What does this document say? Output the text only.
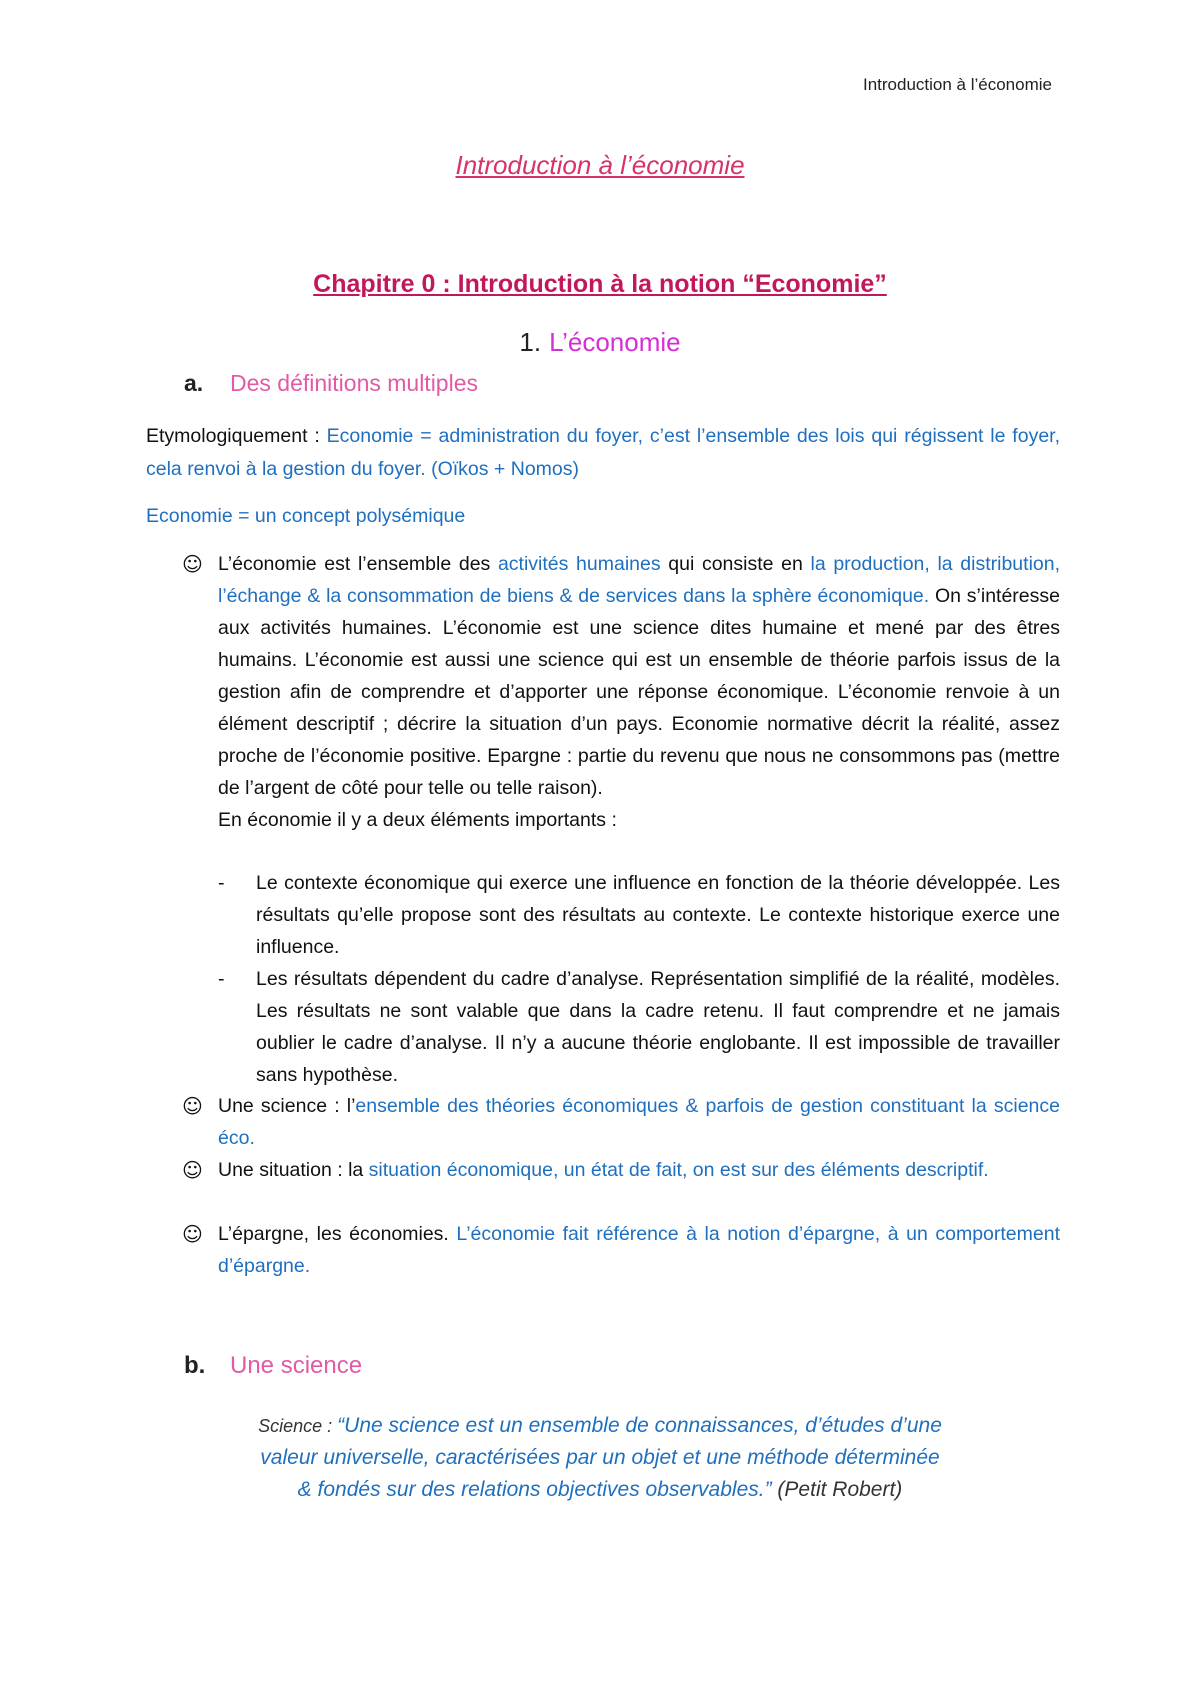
Introduction à l’économie
Introduction à l’économie
Chapitre 0 : Introduction à la notion “Economie”
1. L’économie
a. Des définitions multiples
Etymologiquement : Economie = administration du foyer, c’est l’ensemble des lois qui régissent le foyer, cela renvoi à la gestion du foyer. (Oïkos + Nomos)
Economie = un concept polysémique
☺ L’économie est l’ensemble des activités humaines qui consiste en la production, la distribution, l’échange & la consommation de biens & de services dans la sphère économique. On s’intéresse aux activités humaines. L’économie est une science dites humaine et mené par des êtres humains. L’économie est aussi une science qui est un ensemble de théorie parfois issus de la gestion afin de comprendre et d’apporter une réponse économique. L’économie renvoie à un élément descriptif ; décrire la situation d’un pays. Economie normative décrit la réalité, assez proche de l’économie positive. Epargne : partie du revenu que nous ne consommons pas (mettre de l’argent de côté pour telle ou telle raison).
En économie il y a deux éléments importants :
- Le contexte économique qui exerce une influence en fonction de la théorie développée. Les résultats qu’elle propose sont des résultats au contexte. Le contexte historique exerce une influence.
- Les résultats dépendent du cadre d’analyse. Représentation simplifié de la réalité, modèles. Les résultats ne sont valable que dans la cadre retenu. Il faut comprendre et ne jamais oublier le cadre d’analyse. Il n’y a aucune théorie englobante. Il est impossible de travailler sans hypothèse.
☺ Une science : l’ensemble des théories économiques & parfois de gestion constituant la science éco.
☺ Une situation : la situation économique, un état de fait, on est sur des éléments descriptif.
☺ L’épargne, les économies. L’économie fait référence à la notion d’épargne, à un comportement d’épargne.
b. Une science
Science : “Une science est un ensemble de connaissances, d’études d’une
valeur universelle, caractérisées par un objet et une méthode déterminée
& fondés sur des relations objectives observables.” (Petit Robert)
